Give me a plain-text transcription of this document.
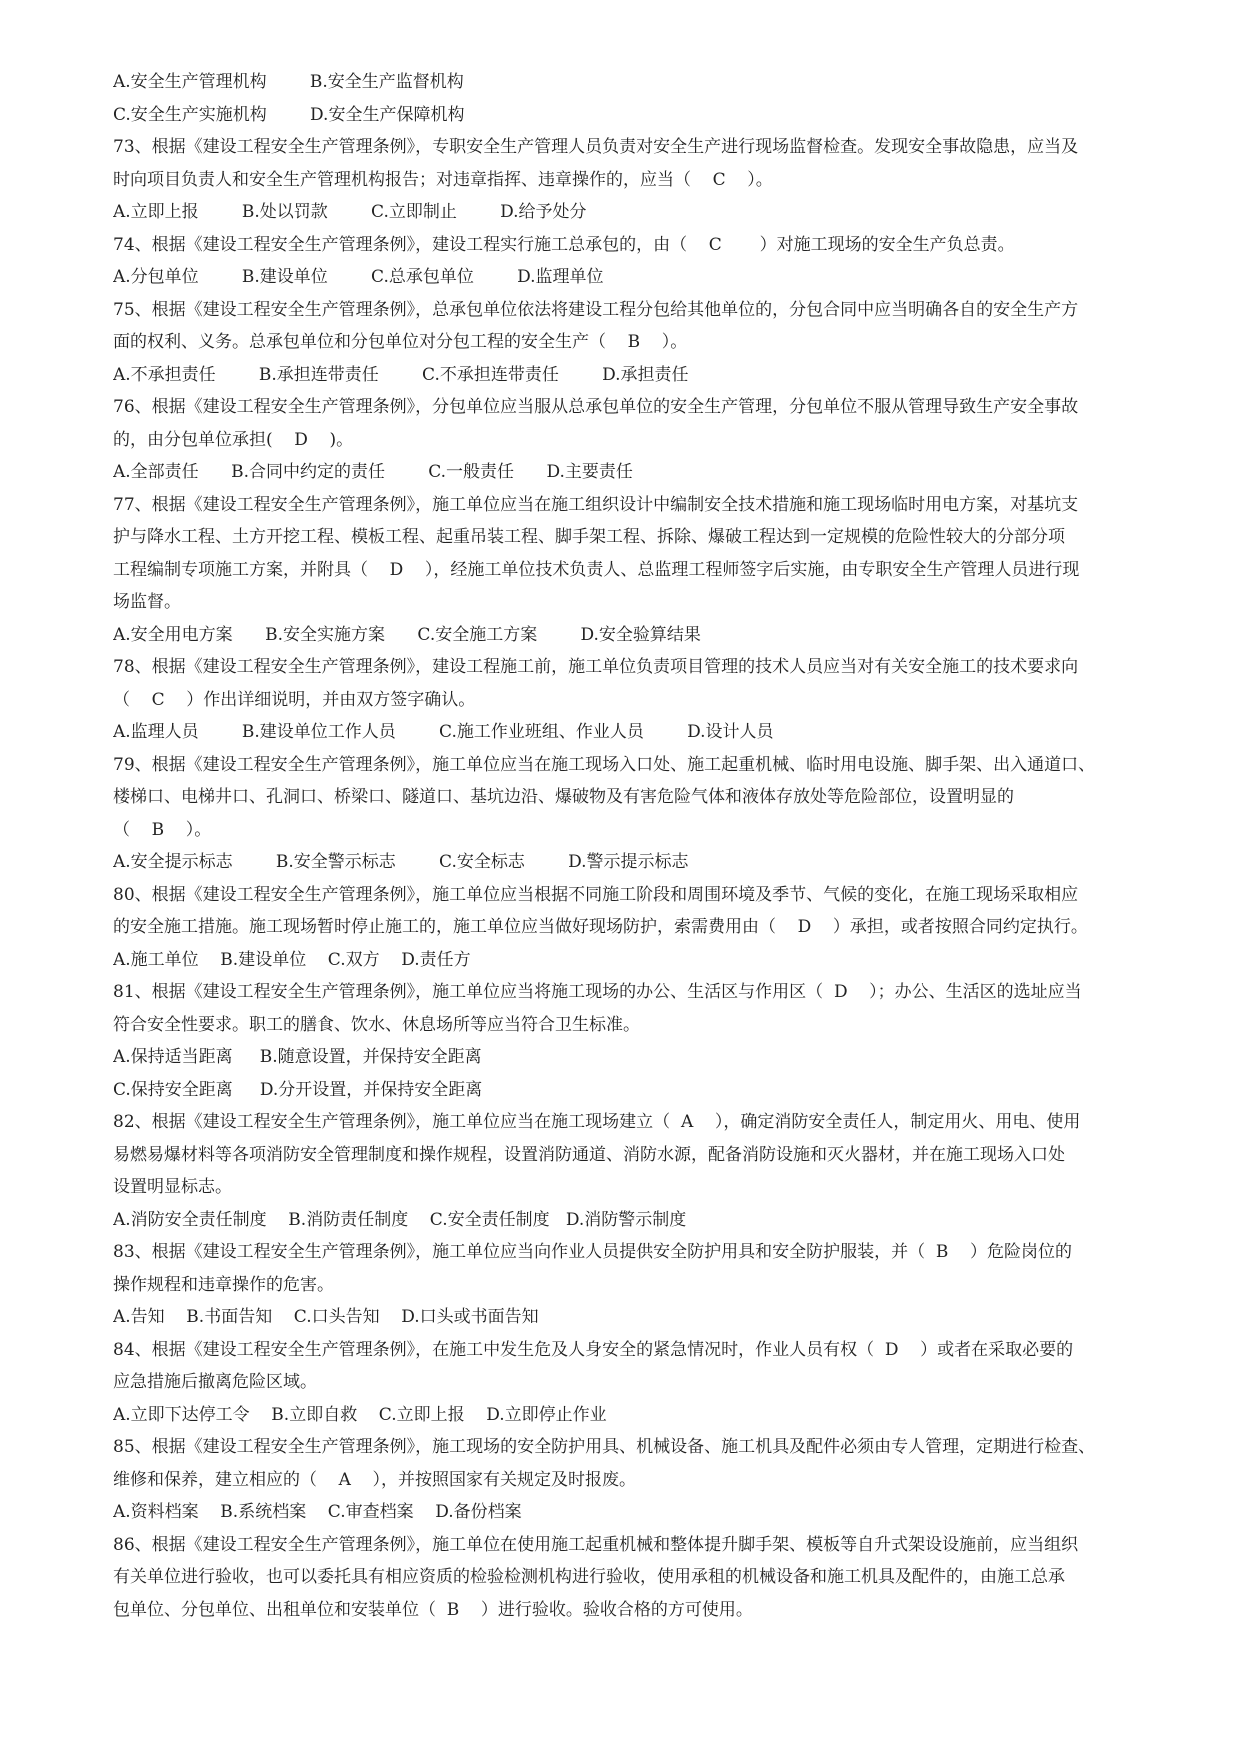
A.安全生产管理机构        B.安全生产监督机构
C.安全生产实施机构        D.安全生产保障机构
73、根据《建设工程安全生产管理条例》，专职安全生产管理人员负责对安全生产进行现场监督检查。发现安全事故隐患，应当及
时向项目负责人和安全生产管理机构报告；对违章指挥、违章操作的，应当（    C    ）。
A.立即上报        B.处以罚款        C.立即制止        D.给予处分
74、根据《建设工程安全生产管理条例》，建设工程实行施工总承包的，由（    C       ）对施工现场的安全生产负总责。
A.分包单位        B.建设单位        C.总承包单位        D.监理单位
75、根据《建设工程安全生产管理条例》，总承包单位依法将建设工程分包给其他单位的，分包合同中应当明确各自的安全生产方
面的权利、义务。总承包单位和分包单位对分包工程的安全生产（    B    ）。
A.不承担责任        B.承担连带责任        C.不承担连带责任        D.承担责任
76、根据《建设工程安全生产管理条例》，分包单位应当服从总承包单位的安全生产管理，分包单位不服从管理导致生产安全事故
的，由分包单位承担(    D    )。
A.全部责任      B.合同中约定的责任        C.一般责任      D.主要责任
77、根据《建设工程安全生产管理条例》，施工单位应当在施工组织设计中编制安全技术措施和施工现场临时用电方案，对基坑支
护与降水工程、土方开挖工程、模板工程、起重吊装工程、脚手架工程、拆除、爆破工程达到一定规模的危险性较大的分部分项
工程编制专项施工方案，并附具（    D    ），经施工单位技术负责人、总监理工程师签字后实施，由专职安全生产管理人员进行现
场监督。
A.安全用电方案      B.安全实施方案      C.安全施工方案        D.安全验算结果
78、根据《建设工程安全生产管理条例》，建设工程施工前，施工单位负责项目管理的技术人员应当对有关安全施工的技术要求向
（    C    ）作出详细说明，并由双方签字确认。
A.监理人员        B.建设单位工作人员        C.施工作业班组、作业人员        D.设计人员
79、根据《建设工程安全生产管理条例》，施工单位应当在施工现场入口处、施工起重机械、临时用电设施、脚手架、出入通道口、
楼梯口、电梯井口、孔洞口、桥梁口、隧道口、基坑边沿、爆破物及有害危险气体和液体存放处等危险部位，设置明显的
（    B    ）。
A.安全提示标志        B.安全警示标志        C.安全标志        D.警示提示标志
80、根据《建设工程安全生产管理条例》，施工单位应当根据不同施工阶段和周围环境及季节、气候的变化，在施工现场采取相应
的安全施工措施。施工现场暂时停止施工的，施工单位应当做好现场防护，索需费用由（    D    ）承担，或者按照合同约定执行。
A.施工单位    B.建设单位    C.双方    D.责任方
81、根据《建设工程安全生产管理条例》，施工单位应当将施工现场的办公、生活区与作用区（  D    ）；办公、生活区的选址应当
符合安全性要求。职工的膳食、饮水、休息场所等应当符合卫生标准。
A.保持适当距离     B.随意设置，并保持安全距离
C.保持安全距离     D.分开设置，并保持安全距离
82、根据《建设工程安全生产管理条例》，施工单位应当在施工现场建立（  A    ），确定消防安全责任人，制定用火、用电、使用
易燃易爆材料等各项消防安全管理制度和操作规程，设置消防通道、消防水源，配备消防设施和灭火器材，并在施工现场入口处
设置明显标志。
A.消防安全责任制度    B.消防责任制度    C.安全责任制度   D.消防警示制度
83、根据《建设工程安全生产管理条例》，施工单位应当向作业人员提供安全防护用具和安全防护服装，并（  B    ）危险岗位的
操作规程和违章操作的危害。
A.告知    B.书面告知    C.口头告知    D.口头或书面告知
84、根据《建设工程安全生产管理条例》，在施工中发生危及人身安全的紧急情况时，作业人员有权（  D    ）或者在采取必要的
应急措施后撤离危险区域。
A.立即下达停工令    B.立即自救    C.立即上报    D.立即停止作业
85、根据《建设工程安全生产管理条例》，施工现场的安全防护用具、机械设备、施工机具及配件必须由专人管理，定期进行检查、
维修和保养，建立相应的（    A    ），并按照国家有关规定及时报废。
A.资料档案    B.系统档案    C.审查档案    D.备份档案
86、根据《建设工程安全生产管理条例》，施工单位在使用施工起重机械和整体提升脚手架、模板等自升式架设设施前，应当组织
有关单位进行验收，也可以委托具有相应资质的检验检测机构进行验收，使用承租的机械设备和施工机具及配件的，由施工总承
包单位、分包单位、出租单位和安装单位（  B    ）进行验收。验收合格的方可使用。
